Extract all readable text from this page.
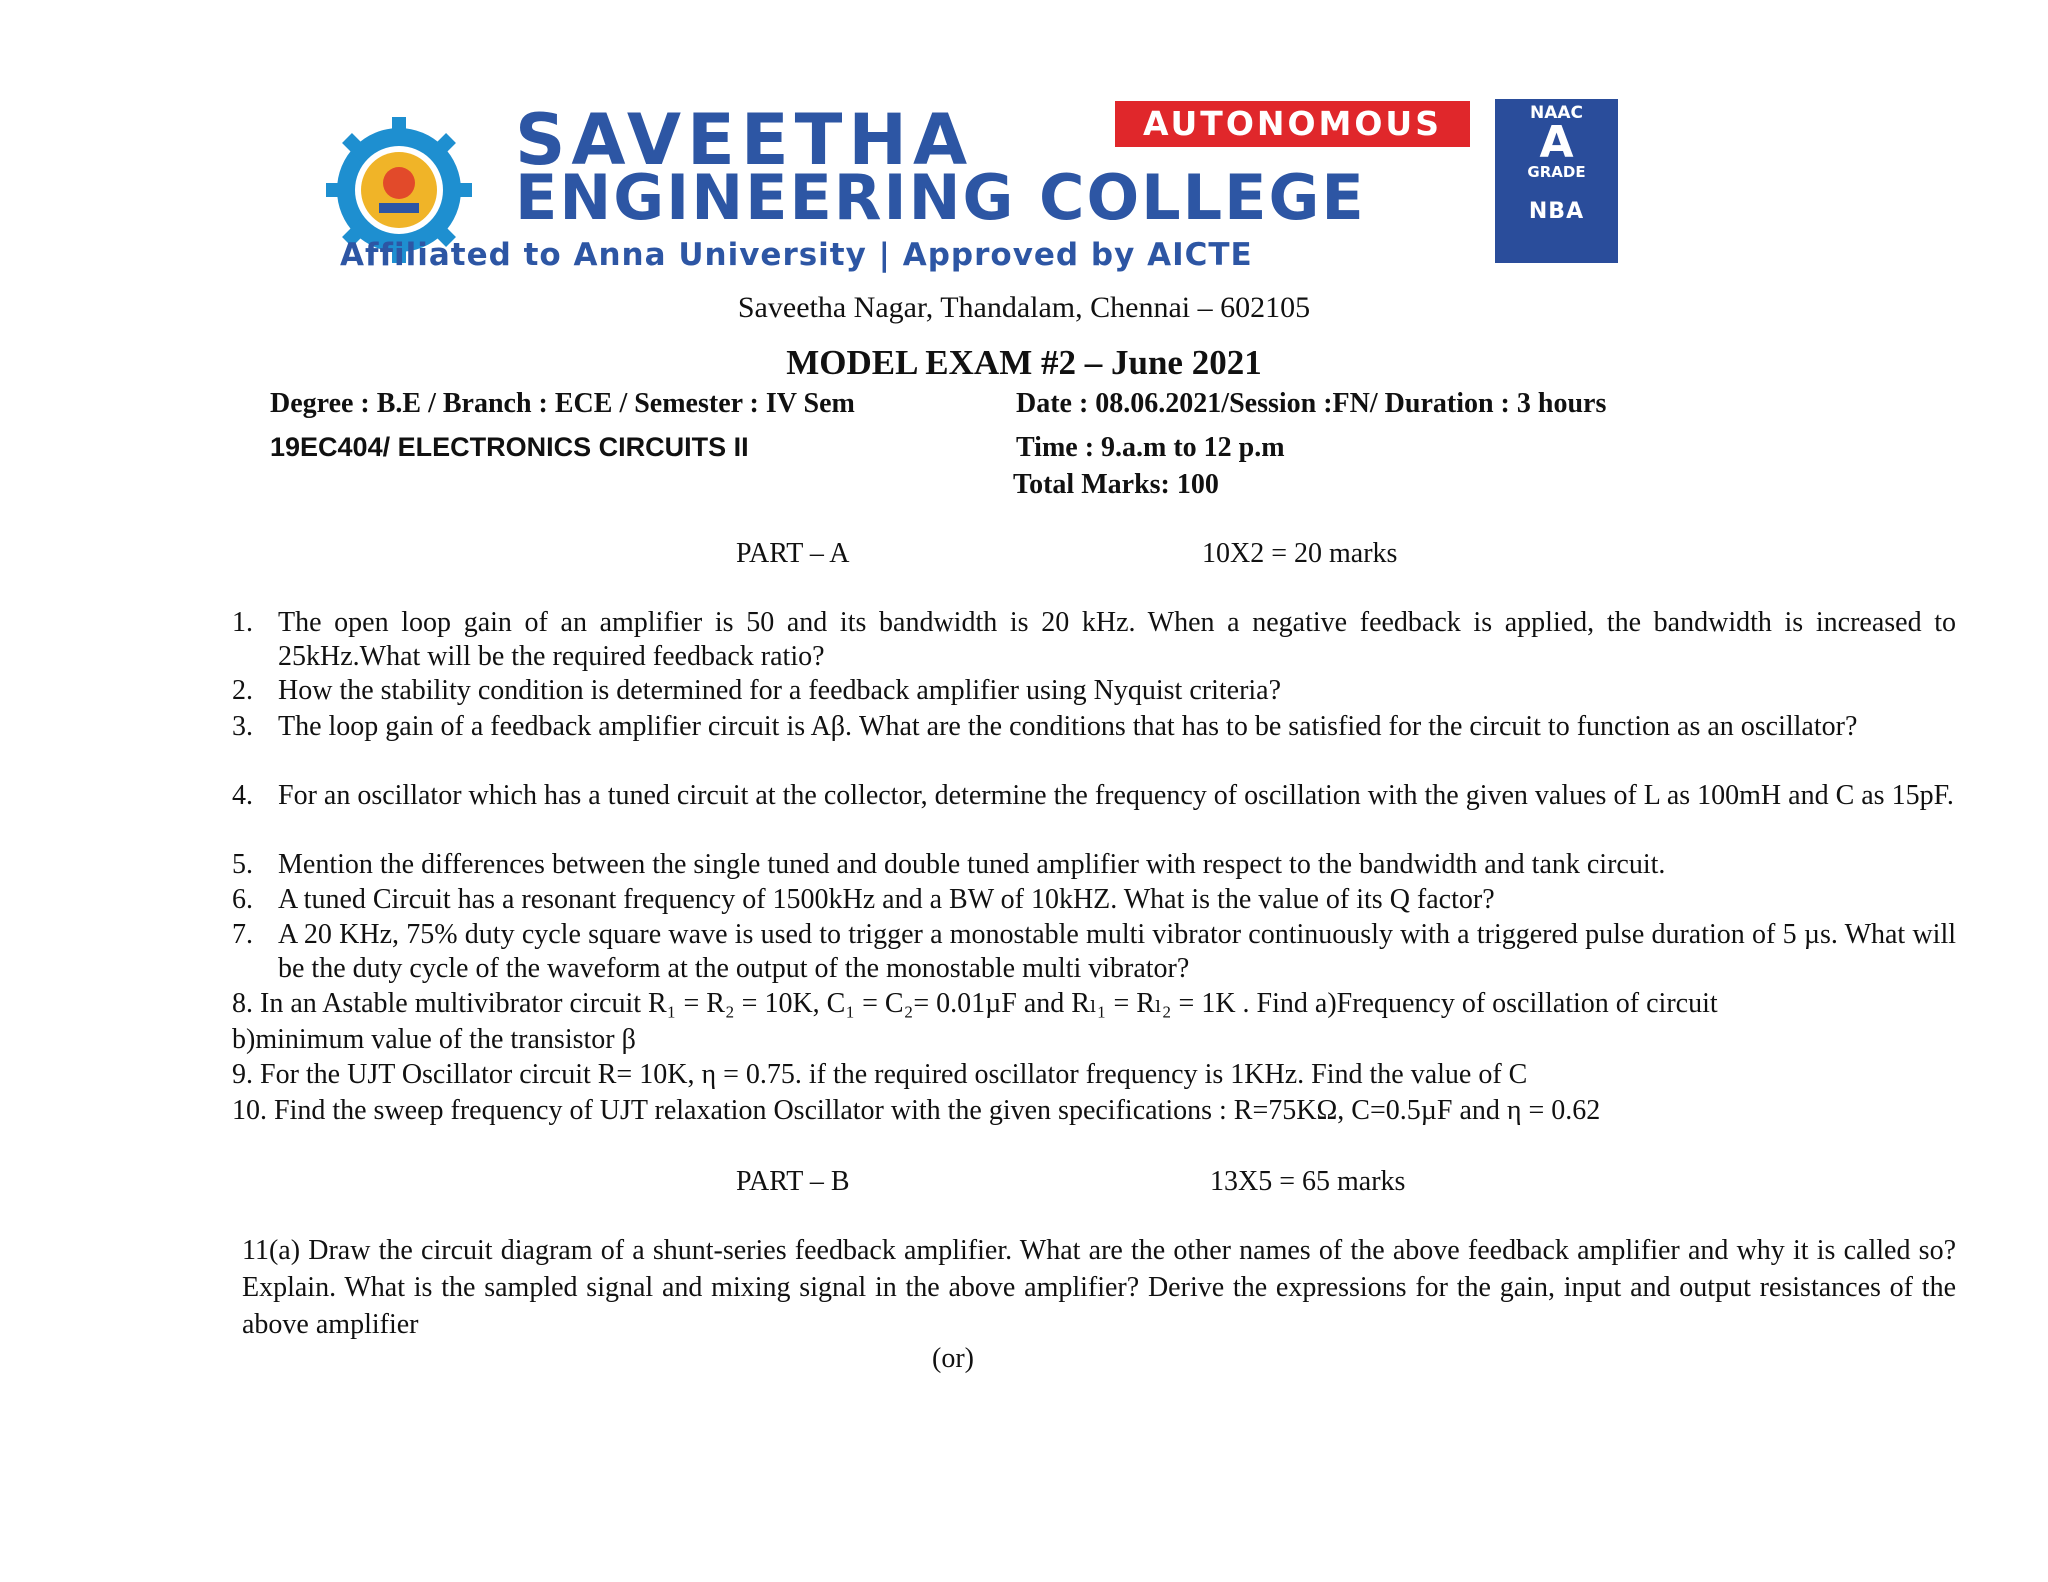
SAVEETHA
ENGINEERING COLLEGE
Affiliated to Anna University | Approved by AICTE
AUTONOMOUS	NAAC
A
GRADE
NBA
Saveetha Nagar, Thandalam, Chennai – 602105
MODEL EXAM #2 – June 2021
Degree : B.E / Branch : ECE / Semester : IV Sem	Date : 08.06.2021/Session :FN/ Duration : 3 hours
19EC404/ ELECTRONICS CIRCUITS II	Time : 9.a.m to 12 p.m
Total Marks: 100
PART – A	10X2 = 20 marks
1. The open loop gain of an amplifier is 50 and its bandwidth is 20 kHz. When a negative feedback is applied, the bandwidth is increased to 25kHz.What will be the required feedback ratio?
2. How the stability condition is determined for a feedback amplifier using Nyquist criteria?
3. The loop gain of a feedback amplifier circuit is Aβ. What are the conditions that has to be satisfied for the circuit to function as an oscillator?
4. For an oscillator which has a tuned circuit at the collector, determine the frequency of oscillation with the given values of L as 100mH and C as 15pF.
5. Mention the differences between the single tuned and double tuned amplifier with respect to the bandwidth and tank circuit.
6. A tuned Circuit has a resonant frequency of 1500kHz and a BW of 10kHZ. What is the value of its Q factor?
7. A 20 KHz, 75% duty cycle square wave is used to trigger a monostable multi vibrator continuously with a triggered pulse duration of 5 µs. What will be the duty cycle of the waveform at the output of the monostable multi vibrator?
8. In an Astable multivibrator circuit R₁ = R₂ = 10K, C₁ = C₂= 0.01µF and Rₗ₁ = Rₗ₂ = 1K . Find a)Frequency of oscillation of circuit
b)minimum value of the transistor β
9. For the UJT Oscillator circuit R= 10K, η = 0.75. if the required oscillator frequency is 1KHz. Find the value of C
10. Find the sweep frequency of UJT relaxation Oscillator with the given specifications : R=75KΩ, C=0.5µF and η = 0.62
PART – B	13X5 = 65 marks
11(a) Draw the circuit diagram of a shunt-series feedback amplifier. What are the other names of the above feedback amplifier and why it is called so? Explain. What is the sampled signal and mixing signal in the above amplifier? Derive the expressions for the gain, input and output resistances of the above amplifier
(or)
